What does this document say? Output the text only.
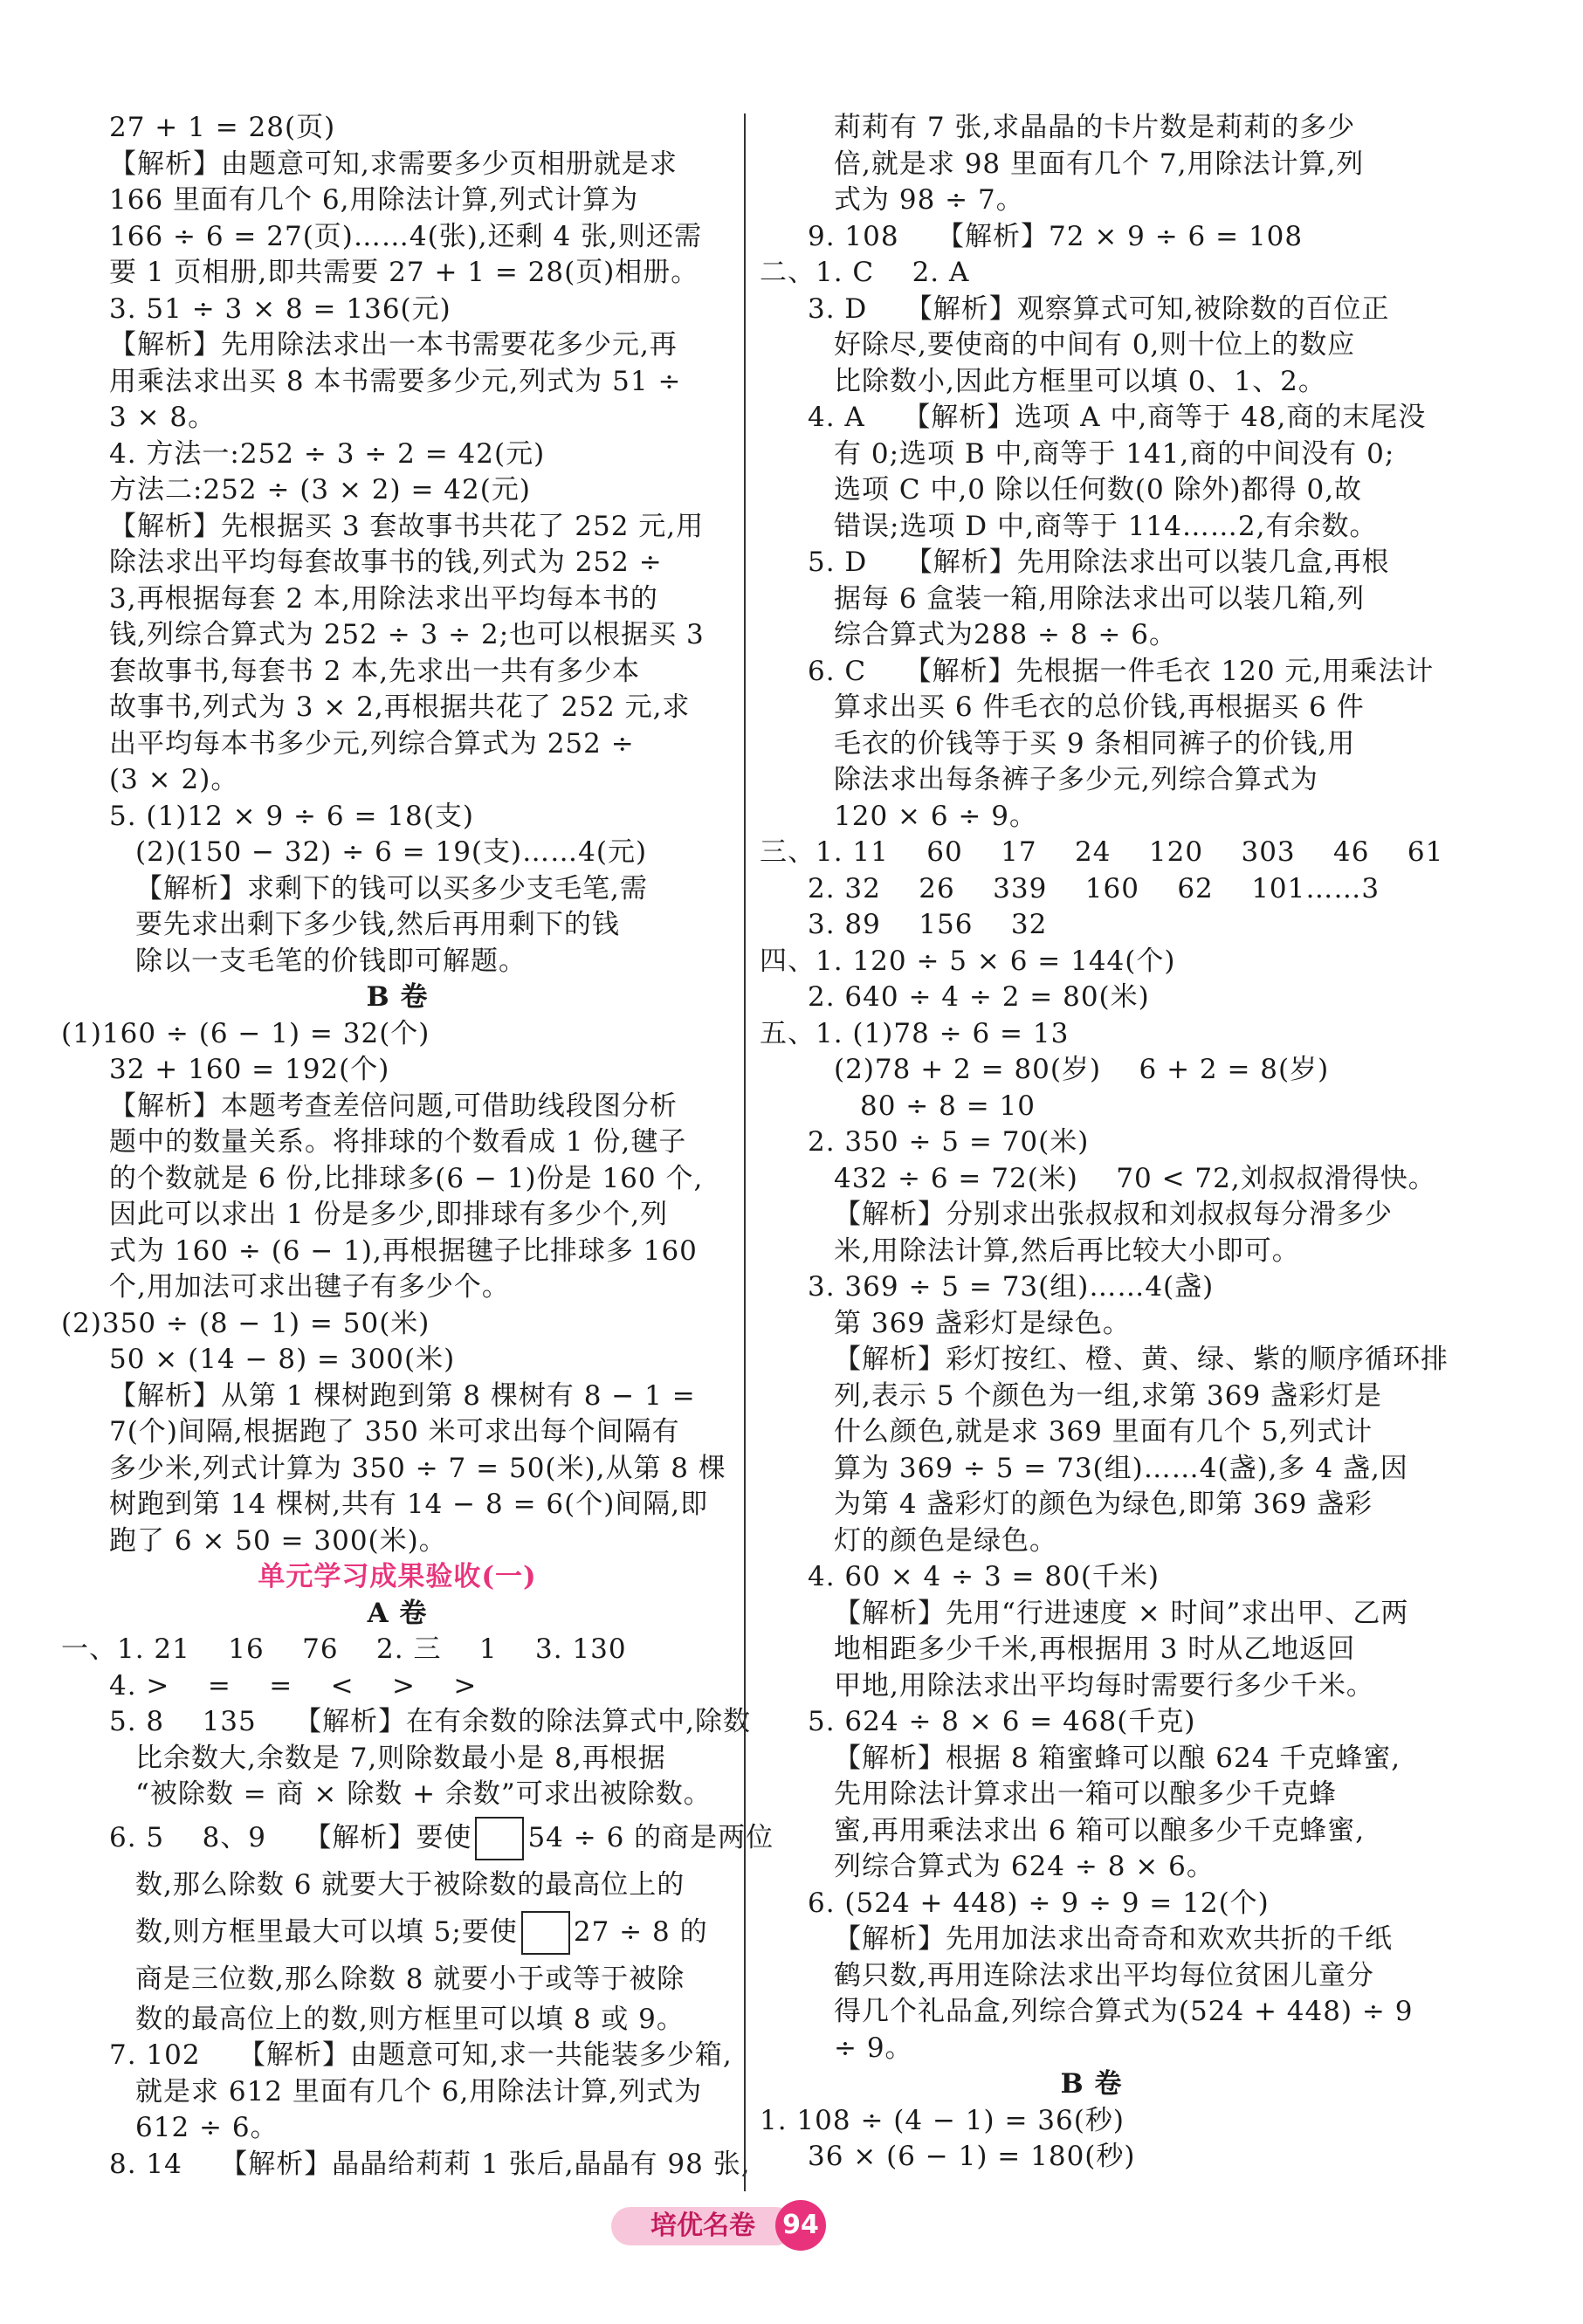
27 + 1 = 28(页)
【解析】由题意可知,求需要多少页相册就是求
166 里面有几个 6,用除法计算,列式计算为
166 ÷ 6 = 27(页)……4(张),还剩 4 张,则还需
要 1 页相册,即共需要 27 + 1 = 28(页)相册。
3. 51 ÷ 3 × 8 = 136(元)
【解析】先用除法求出一本书需要花多少元,再
用乘法求出买 8 本书需要多少元,列式为 51 ÷
3 × 8。
4. 方法一:252 ÷ 3 ÷ 2 = 42(元)
方法二:252 ÷ (3 × 2) = 42(元)
【解析】先根据买 3 套故事书共花了 252 元,用
除法求出平均每套故事书的钱,列式为 252 ÷
3,再根据每套 2 本,用除法求出平均每本书的
钱,列综合算式为 252 ÷ 3 ÷ 2;也可以根据买 3
套故事书,每套书 2 本,先求出一共有多少本
故事书,列式为 3 × 2,再根据共花了 252 元,求
出平均每本书多少元,列综合算式为 252 ÷
(3 × 2)。
5. (1)12 × 9 ÷ 6 = 18(支)
(2)(150 − 32) ÷ 6 = 19(支)……4(元)
【解析】求剩下的钱可以买多少支毛笔,需
要先求出剩下多少钱,然后再用剩下的钱
除以一支毛笔的价钱即可解题。
B 卷
(1)160 ÷ (6 − 1) = 32(个)
32 + 160 = 192(个)
【解析】本题考查差倍问题,可借助线段图分析
题中的数量关系。将排球的个数看成 1 份,毽子
的个数就是 6 份,比排球多(6 − 1)份是 160 个,
因此可以求出 1 份是多少,即排球有多少个,列
式为 160 ÷ (6 − 1),再根据毽子比排球多 160
个,用加法可求出毽子有多少个。
(2)350 ÷ (8 − 1) = 50(米)
50 × (14 − 8) = 300(米)
【解析】从第 1 棵树跑到第 8 棵树有 8 − 1 =
7(个)间隔,根据跑了 350 米可求出每个间隔有
多少米,列式计算为 350 ÷ 7 = 50(米),从第 8 棵
树跑到第 14 棵树,共有 14 − 8 = 6(个)间隔,即
跑了 6 × 50 = 300(米)。
单元学习成果验收(一)
A 卷
一、1. 21    16    76    2. 三    1    3. 130
4. >    =    =    <    >    >
5. 8    135    【解析】在有余数的除法算式中,除数
比余数大,余数是 7,则除数最小是 8,再根据
“被除数 = 商 × 除数 + 余数”可求出被除数。
6. 5    8、9    【解析】要使 54 ÷ 6 的商是两位
数,那么除数 6 就要大于被除数的最高位上的
数,则方框里最大可以填 5;要使 27 ÷ 8 的
商是三位数,那么除数 8 就要小于或等于被除
数的最高位上的数,则方框里可以填 8 或 9。
7. 102    【解析】由题意可知,求一共能装多少箱,
就是求 612 里面有几个 6,用除法计算,列式为
612 ÷ 6。
8. 14    【解析】晶晶给莉莉 1 张后,晶晶有 98 张,
莉莉有 7 张,求晶晶的卡片数是莉莉的多少
倍,就是求 98 里面有几个 7,用除法计算,列
式为 98 ÷ 7。
9. 108    【解析】72 × 9 ÷ 6 = 108
二、1. C    2. A
3. D    【解析】观察算式可知,被除数的百位正
好除尽,要使商的中间有 0,则十位上的数应
比除数小,因此方框里可以填 0、1、2。
4. A    【解析】选项 A 中,商等于 48,商的末尾没
有 0;选项 B 中,商等于 141,商的中间没有 0;
选项 C 中,0 除以任何数(0 除外)都得 0,故
错误;选项 D 中,商等于 114……2,有余数。
5. D    【解析】先用除法求出可以装几盒,再根
据每 6 盒装一箱,用除法求出可以装几箱,列
综合算式为288 ÷ 8 ÷ 6。
6. C    【解析】先根据一件毛衣 120 元,用乘法计
算求出买 6 件毛衣的总价钱,再根据买 6 件
毛衣的价钱等于买 9 条相同裤子的价钱,用
除法求出每条裤子多少元,列综合算式为
120 × 6 ÷ 9。
三、1. 11    60    17    24    120    303    46    61
2. 32    26    339    160    62    101……3
3. 89    156    32
四、1. 120 ÷ 5 × 6 = 144(个)
2. 640 ÷ 4 ÷ 2 = 80(米)
五、1. (1)78 ÷ 6 = 13
(2)78 + 2 = 80(岁)    6 + 2 = 8(岁)
80 ÷ 8 = 10
2. 350 ÷ 5 = 70(米)
432 ÷ 6 = 72(米)    70 < 72,刘叔叔滑得快。
【解析】分别求出张叔叔和刘叔叔每分滑多少
米,用除法计算,然后再比较大小即可。
3. 369 ÷ 5 = 73(组)……4(盏)
第 369 盏彩灯是绿色。
【解析】彩灯按红、橙、黄、绿、紫的顺序循环排
列,表示 5 个颜色为一组,求第 369 盏彩灯是
什么颜色,就是求 369 里面有几个 5,列式计
算为 369 ÷ 5 = 73(组)……4(盏),多 4 盏,因
为第 4 盏彩灯的颜色为绿色,即第 369 盏彩
灯的颜色是绿色。
4. 60 × 4 ÷ 3 = 80(千米)
【解析】先用“行进速度 × 时间”求出甲、乙两
地相距多少千米,再根据用 3 时从乙地返回
甲地,用除法求出平均每时需要行多少千米。
5. 624 ÷ 8 × 6 = 468(千克)
【解析】根据 8 箱蜜蜂可以酿 624 千克蜂蜜,
先用除法计算求出一箱可以酿多少千克蜂
蜜,再用乘法求出 6 箱可以酿多少千克蜂蜜,
列综合算式为 624 ÷ 8 × 6。
6. (524 + 448) ÷ 9 ÷ 9 = 12(个)
【解析】先用加法求出奇奇和欢欢共折的千纸
鹤只数,再用连除法求出平均每位贫困儿童分
得几个礼品盒,列综合算式为(524 + 448) ÷ 9
÷ 9。
B 卷
1. 108 ÷ (4 − 1) = 36(秒)
36 × (6 − 1) = 180(秒)
培优名卷	94
